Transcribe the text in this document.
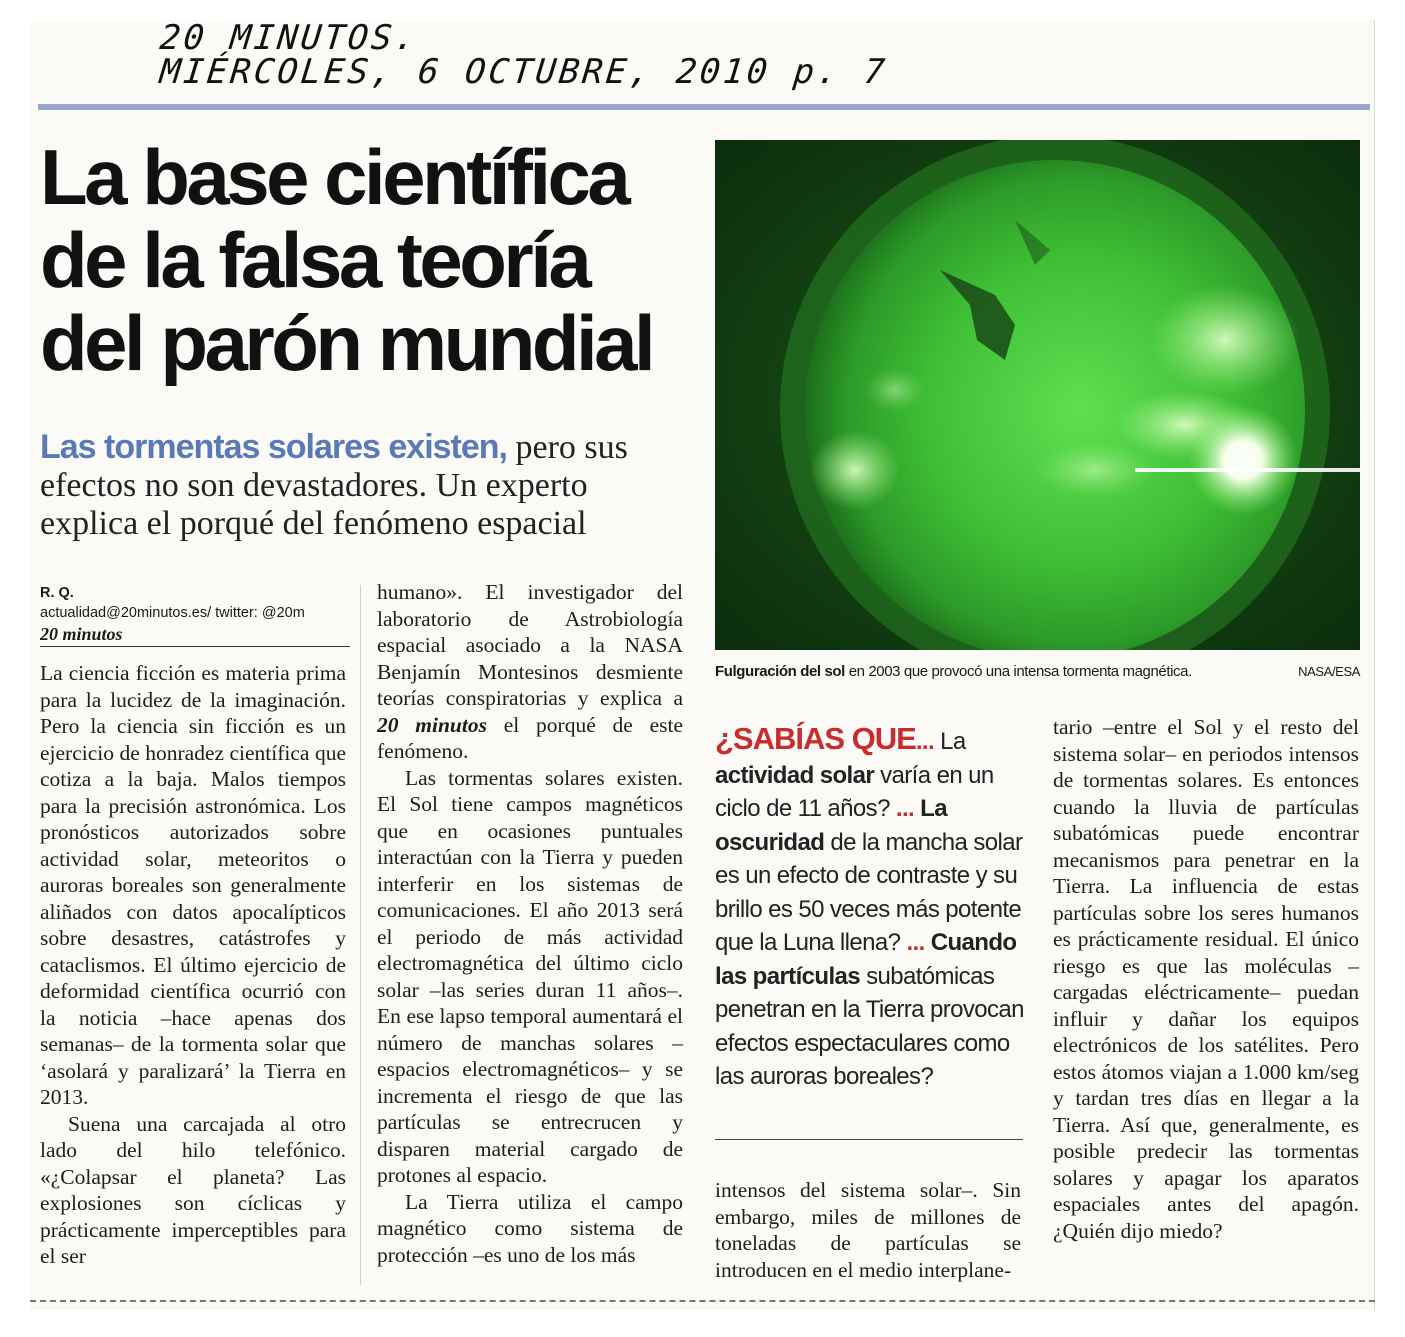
20 MINUTOS.
MIÉRCOLES, 6 OCTUBRE, 2010 p. 7
La base científica
de la falsa teoría
del parón mundial
Las tormentas solares existen, pero sus efectos no son devastadores. Un experto explica el porqué del fenómeno espacial
R. Q.
actualidad@20minutos.es/ twitter: @20m
20 minutos

La ciencia ficción es materia prima para la lucidez de la imaginación. Pero la ciencia sin ficción es un ejercicio de honradez científica que cotiza a la baja. Malos tiempos para la precisión astronómica. Los pronósticos autorizados sobre actividad solar, meteoritos o auroras boreales son generalmente aliñados con datos apocalípticos sobre desastres, catástrofes y cataclismos. El último ejercicio de deformidad científica ocurrió con la noticia –hace apenas dos semanas– de la tormenta solar que ‘asolará y paralizará’ la Tierra en 2013.

Suena una carcajada al otro lado del hilo telefónico. «¿Colapsar el planeta? Las explosiones son cíclicas y prácticamente imperceptibles para el ser

humano». El investigador del laboratorio de Astrobiología espacial asociado a la NASA Benjamín Montesinos desmiente teorías conspiratorias y explica a 20 minutos el porqué de este fenómeno.

Las tormentas solares existen. El Sol tiene campos magnéticos que en ocasiones puntuales interactúan con la Tierra y pueden interferir en los sistemas de comunicaciones. El año 2013 será el periodo de más actividad electromagnética del último ciclo solar –las series duran 11 años–. En ese lapso temporal aumentará el número de manchas solares –espacios electromagnéticos– y se incrementa el riesgo de que las partículas se entrecrucen y disparen material cargado de protones al espacio.

La Tierra utiliza el campo magnético como sistema de protección –es uno de los más

Fulguración del sol en 2003 que provocó una intensa tormenta magnética.	NASA/ESA
¿SABÍAS QUE... La actividad solar varía en un ciclo de 11 años? ... La oscuridad de la mancha solar es un efecto de contraste y su brillo es 50 veces más potente que la Luna llena? ... Cuando las partículas subatómicas penetran en la Tierra provocan efectos espectaculares como las auroras boreales?

intensos del sistema solar–. Sin embargo, miles de millones de toneladas de partículas se introducen en el medio interplane-

tario –entre el Sol y el resto del sistema solar– en periodos intensos de tormentas solares. Es entonces cuando la lluvia de partículas subatómicas puede encontrar mecanismos para penetrar en la Tierra. La influencia de estas partículas sobre los seres humanos es prácticamente residual. El único riesgo es que las moléculas –cargadas eléctricamente– puedan influir y dañar los equipos electrónicos de los satélites. Pero estos átomos viajan a 1.000 km/seg y tardan tres días en llegar a la Tierra. Así que, generalmente, es posible predecir las tormentas solares y apagar los aparatos espaciales antes del apagón. ¿Quién dijo miedo?
